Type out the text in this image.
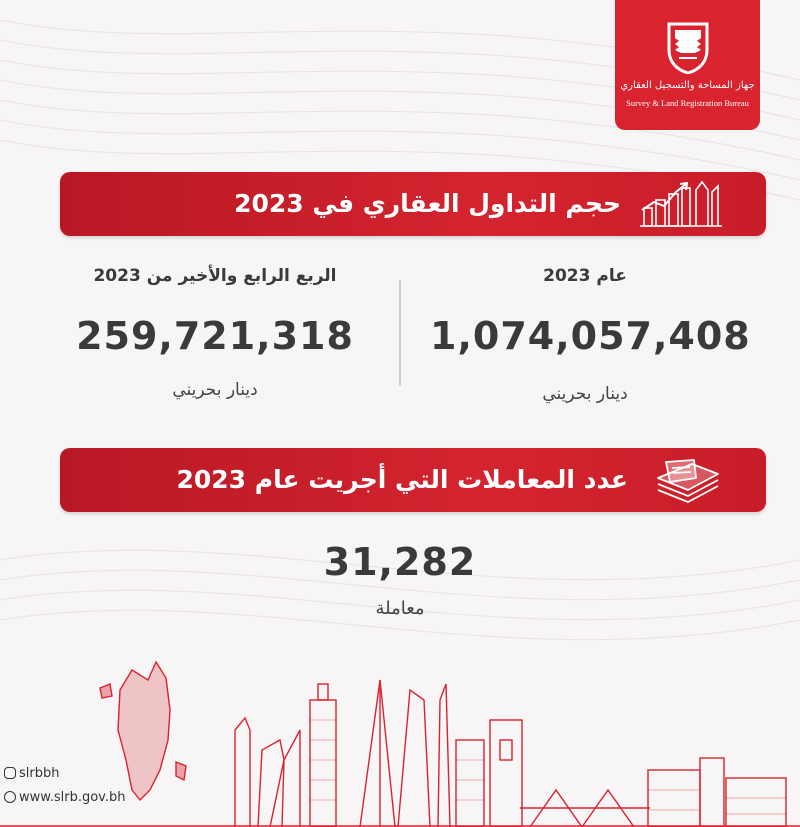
جهاز المساحة والتسجيل العقاري
Survey & Land Registration Bureau
حجم التداول العقاري في 2023
عام 2023
1,074,057,408
دينار بحريني
الربع الرابع والأخير من 2023
259,721,318
دينار بحريني
عدد المعاملات التي أجريت عام 2023
31,282
معاملة
slrbbh
www.slrb.gov.bh
